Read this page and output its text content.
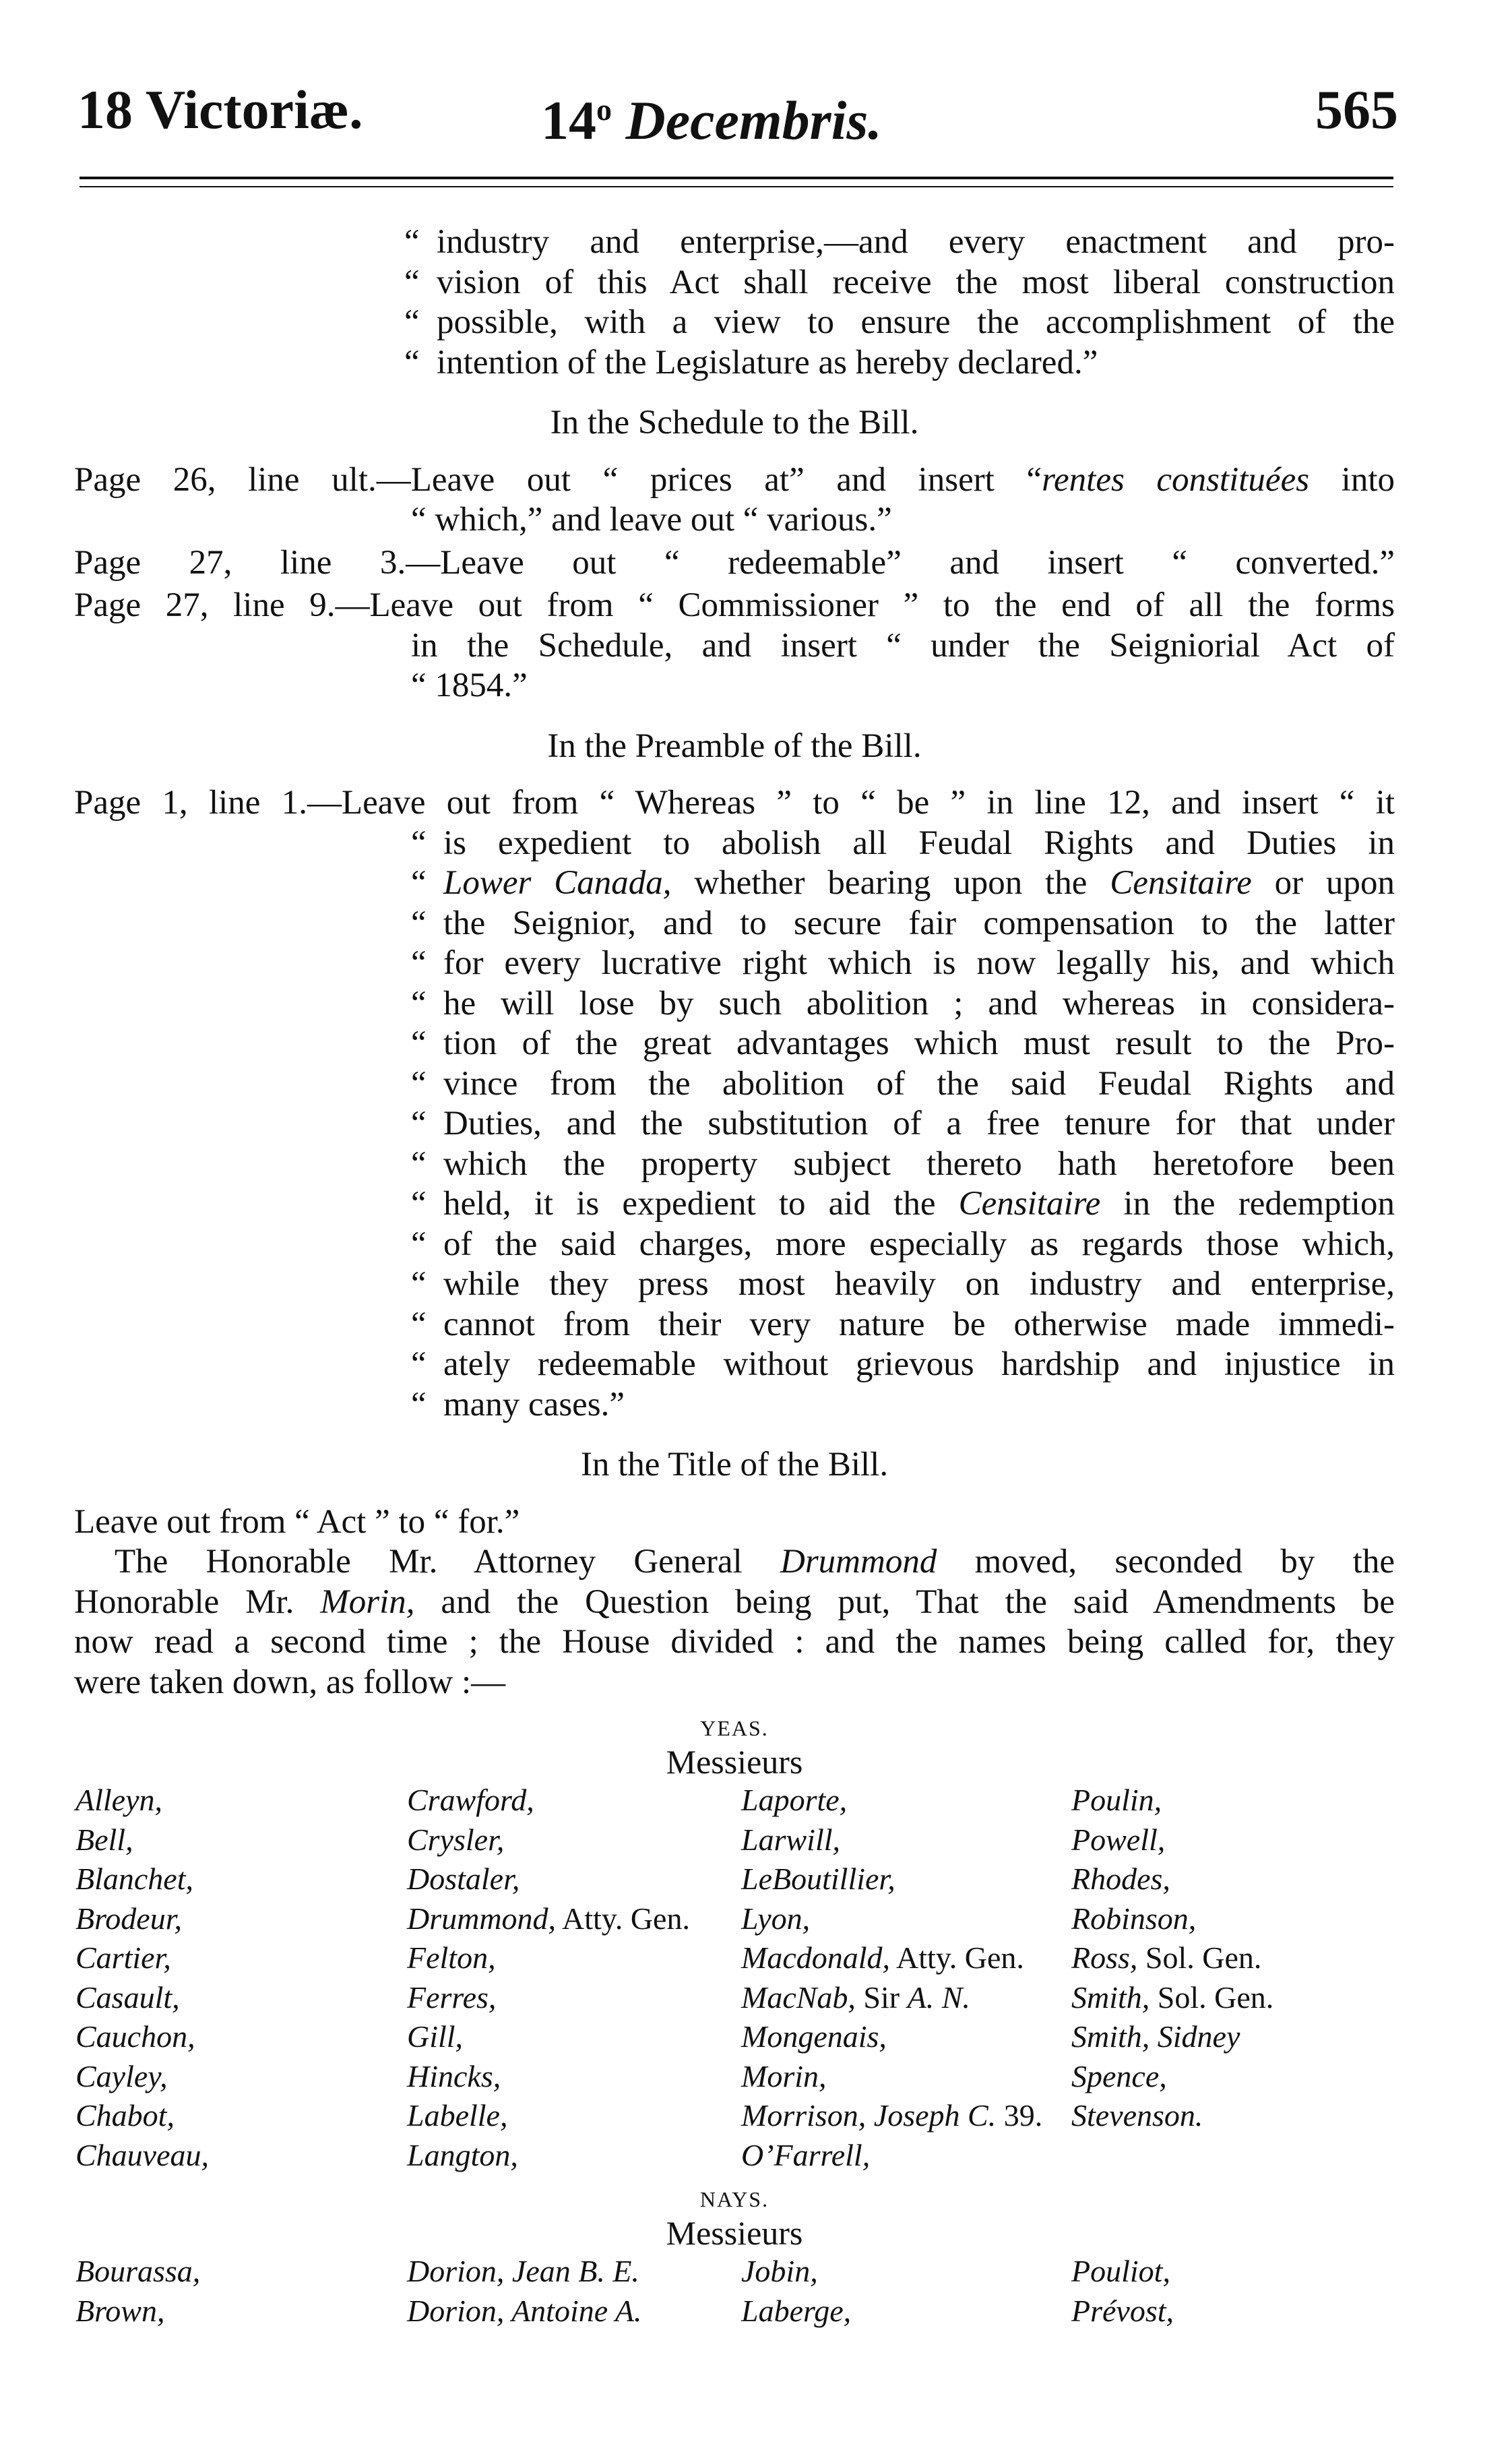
18 Victoriæ.	14$^o$ Decembris.	565
“ industry and enterprise,—and every enactment and pro-
“ vision of this Act shall receive the most liberal construction
“ possible, with a view to ensure the accomplishment of the
“ intention of the Legislature as hereby declared.”
In the Schedule to the Bill.
Page 26, line ult.—Leave out “ prices at” and insert “rentes constituées into
“ which,” and leave out “ various.”
Page 27, line 3.—Leave out “ redeemable” and insert “ converted.”
Page 27, line 9.—Leave out from “ Commissioner ” to the end of all the forms
in the Schedule, and insert “ under the Seigniorial Act of
“ 1854.”
In the Preamble of the Bill.
Page 1, line 1.—Leave out from “ Whereas ” to “ be ” in line 12, and insert “ it
“ is expedient to abolish all Feudal Rights and Duties in
“ Lower Canada, whether bearing upon the Censitaire or upon
“ the Seignior, and to secure fair compensation to the latter
“ for every lucrative right which is now legally his, and which
“ he will lose by such abolition ; and whereas in considera-
“ tion of the great advantages which must result to the Pro-
“ vince from the abolition of the said Feudal Rights and
“ Duties, and the substitution of a free tenure for that under
“ which the property subject thereto hath heretofore been
“ held, it is expedient to aid the Censitaire in the redemption
“ of the said charges, more especially as regards those which,
“ while they press most heavily on industry and enterprise,
“ cannot from their very nature be otherwise made immedi-
“ ately redeemable without grievous hardship and injustice in
“ many cases.”
In the Title of the Bill.
Leave out from “ Act ” to “ for.”
The Honorable Mr. Attorney General Drummond moved, seconded by the
Honorable Mr. Morin, and the Question being put, That the said Amendments be
now read a second time ; the House divided : and the names being called for, they
were taken down, as follow :—
YEAS.
Messieurs
Alleyn,
Bell,
Blanchet,
Brodeur,
Cartier,
Casault,
Cauchon,
Cayley,
Chabot,
Chauveau,
Crawford,
Crysler,
Dostaler,
Drummond, Atty. Gen.
Felton,
Ferres,
Gill,
Hincks,
Labelle,
Langton,
Laporte,
Larwill,
LeBoutillier,
Lyon,
Macdonald, Atty. Gen.
MacNab, Sir A. N.
Mongenais,
Morin,
Morrison, Joseph C. 39.
O’Farrell,
Poulin,
Powell,
Rhodes,
Robinson,
Ross, Sol. Gen.
Smith, Sol. Gen.
Smith, Sidney
Spence,
Stevenson.
NAYS.
Messieurs
Bourassa,
Brown,
Dorion, Jean B. E.
Dorion, Antoine A.
Jobin,
Laberge,
Pouliot,
Prévost,
